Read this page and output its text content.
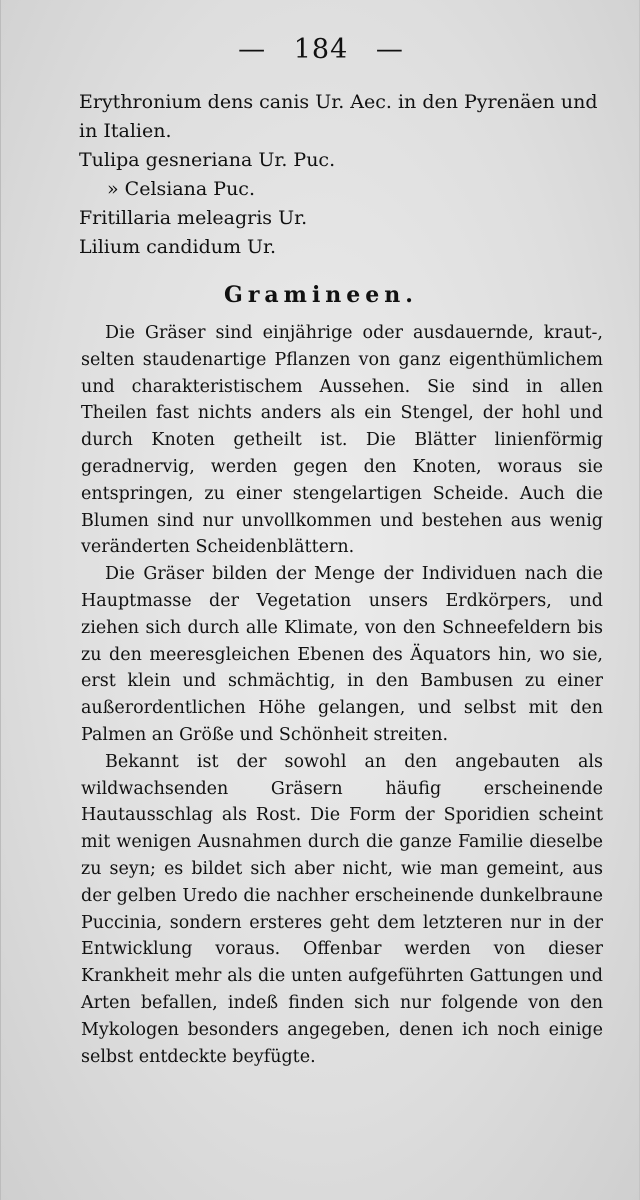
— 184 —
Erythronium dens canis Ur. Aec. in den Pyrenäen und
in Italien.
Tulipa gesneriana Ur. Puc.
» Celsiana Puc.
Fritillaria meleagris Ur.
Lilium candidum Ur.
Gramineen.

Die Gräser sind einjährige oder ausdauernde, kraut-, selten staudenartige Pflanzen von ganz eigenthümlichem und charakteristischem Aussehen. Sie sind in allen Theilen fast nichts anders als ein Stengel, der hohl und durch Knoten getheilt ist. Die Blätter linienförmig geradnervig, werden gegen den Knoten, woraus sie entspringen, zu einer stengelartigen Scheide. Auch die Blumen sind nur unvollkommen und bestehen aus wenig veränderten Scheidenblättern.

Die Gräser bilden der Menge der Individuen nach die Hauptmasse der Vegetation unsers Erdkörpers, und ziehen sich durch alle Klimate, von den Schneefeldern bis zu den meeresgleichen Ebenen des Äquators hin, wo sie, erst klein und schmächtig, in den Bambusen zu einer außerordentlichen Höhe gelangen, und selbst mit den Palmen an Größe und Schönheit streiten.

Bekannt ist der sowohl an den angebauten als wildwachsenden Gräsern häufig erscheinende Hautausschlag als Rost. Die Form der Sporidien scheint mit wenigen Ausnahmen durch die ganze Familie dieselbe zu seyn; es bildet sich aber nicht, wie man gemeint, aus der gelben Uredo die nachher erscheinende dunkelbraune Puccinia, sondern ersteres geht dem letzteren nur in der Entwicklung voraus. Offenbar werden von dieser Krankheit mehr als die unten aufgeführten Gattungen und Arten befallen, indeß finden sich nur folgende von den Mykologen besonders angegeben, denen ich noch einige selbst entdeckte beyfügte.
